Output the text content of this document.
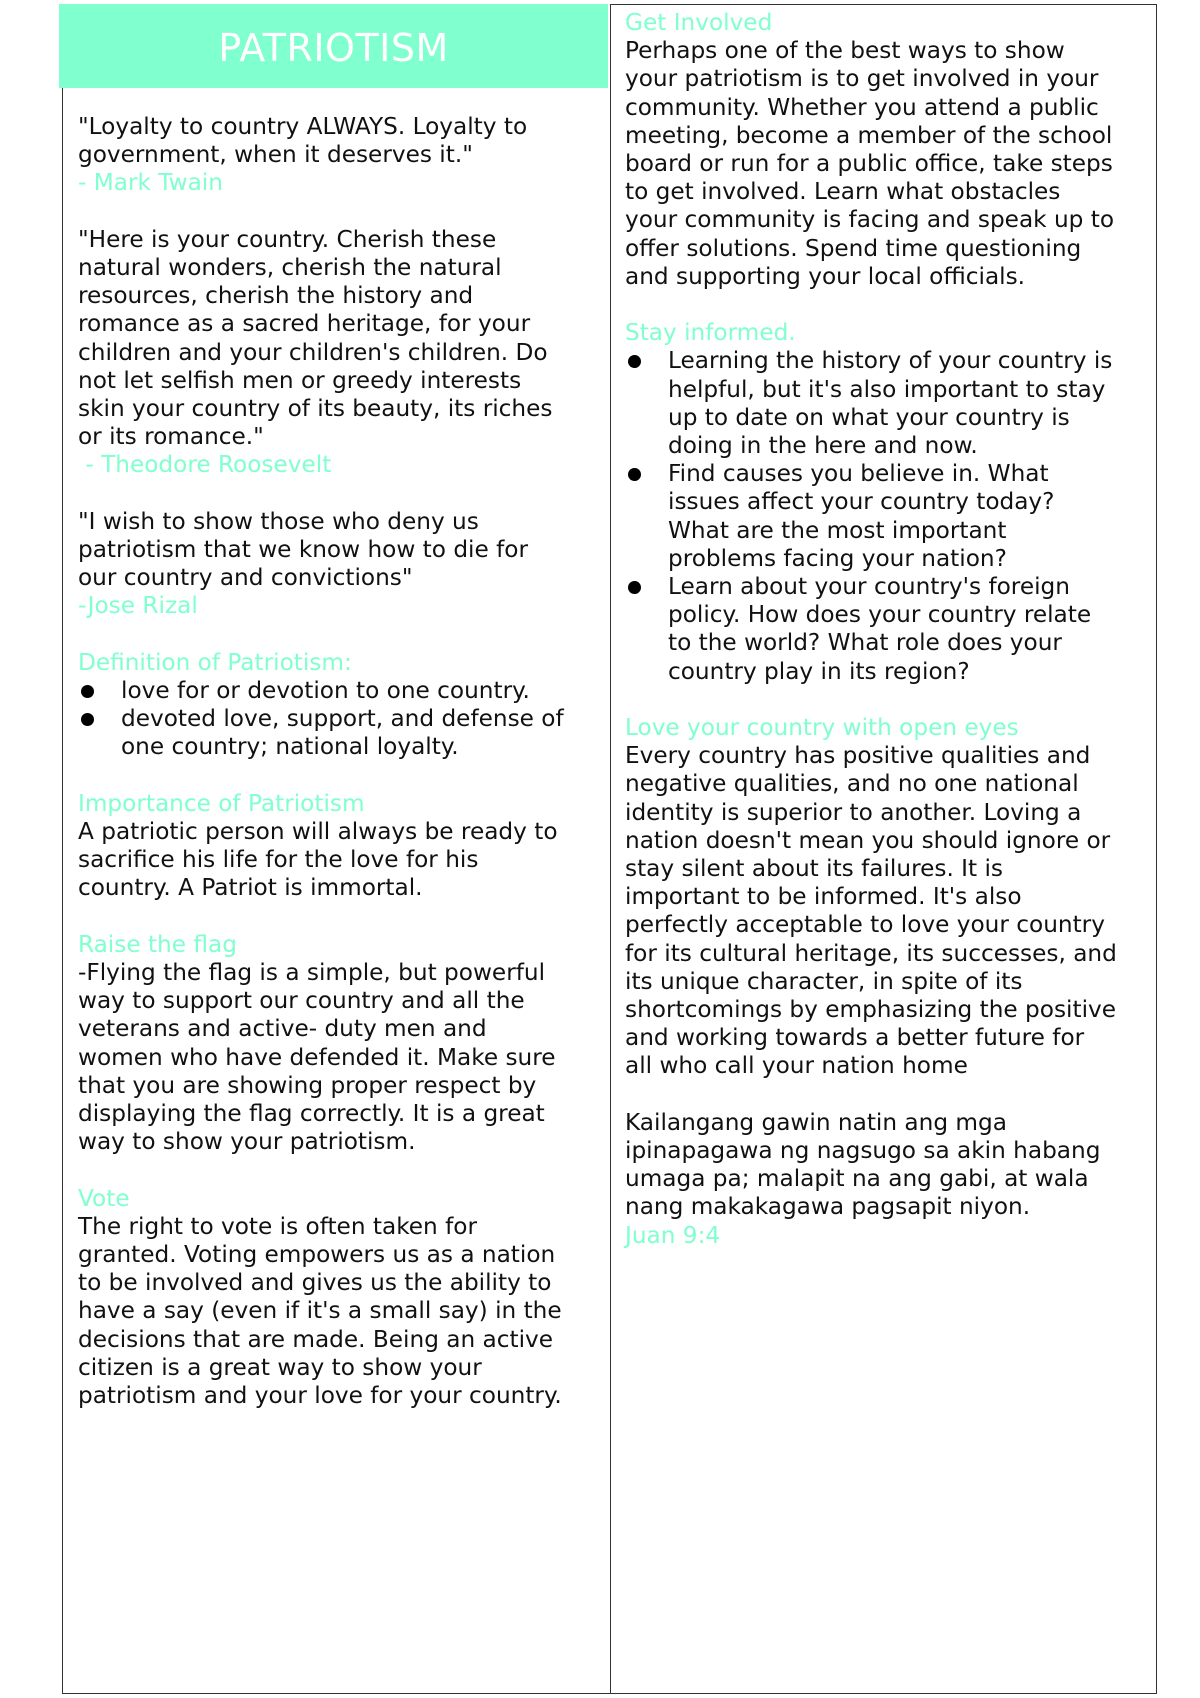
PATRIOTISM
"Loyalty to country ALWAYS. Loyalty to
government, when it deserves it."
- Mark Twain
"Here is your country. Cherish these
natural wonders, cherish the natural
resources, cherish the history and
romance as a sacred heritage, for your
children and your children's children. Do
not let selfish men or greedy interests
skin your country of its beauty, its riches
or its romance."
- Theodore Roosevelt
"I wish to show those who deny us
patriotism that we know how to die for
our country and convictions"
-Jose Rizal
Definition of Patriotism:
love for or devotion to one country.
devoted love, support, and defense of
one country; national loyalty.
Importance of Patriotism
A patriotic person will always be ready to
sacrifice his life for the love for his
country. A Patriot is immortal.
Raise the flag
-Flying the flag is a simple, but powerful
way to support our country and all the
veterans and active- duty men and
women who have defended it. Make sure
that you are showing proper respect by
displaying the flag correctly. It is a great
way to show your patriotism.
Vote
The right to vote is often taken for
granted. Voting empowers us as a nation
to be involved and gives us the ability to
have a say (even if it's a small say) in the
decisions that are made. Being an active
citizen is a great way to show your
patriotism and your love for your country.
Get Involved
Perhaps one of the best ways to show
your patriotism is to get involved in your
community. Whether you attend a public
meeting, become a member of the school
board or run for a public office, take steps
to get involved. Learn what obstacles
your community is facing and speak up to
offer solutions. Spend time questioning
and supporting your local officials.
Stay informed.
Learning the history of your country is
helpful, but it's also important to stay
up to date on what your country is
doing in the here and now.
Find causes you believe in. What
issues affect your country today?
What are the most important
problems facing your nation?
Learn about your country's foreign
policy. How does your country relate
to the world? What role does your
country play in its region?
Love your country with open eyes
Every country has positive qualities and
negative qualities, and no one national
identity is superior to another. Loving a
nation doesn't mean you should ignore or
stay silent about its failures. It is
important to be informed. It's also
perfectly acceptable to love your country
for its cultural heritage, its successes, and
its unique character, in spite of its
shortcomings by emphasizing the positive
and working towards a better future for
all who call your nation home
Kailangang gawin natin ang mga
ipinapagawa ng nagsugo sa akin habang
umaga pa; malapit na ang gabi, at wala
nang makakagawa pagsapit niyon.
Juan 9:4
